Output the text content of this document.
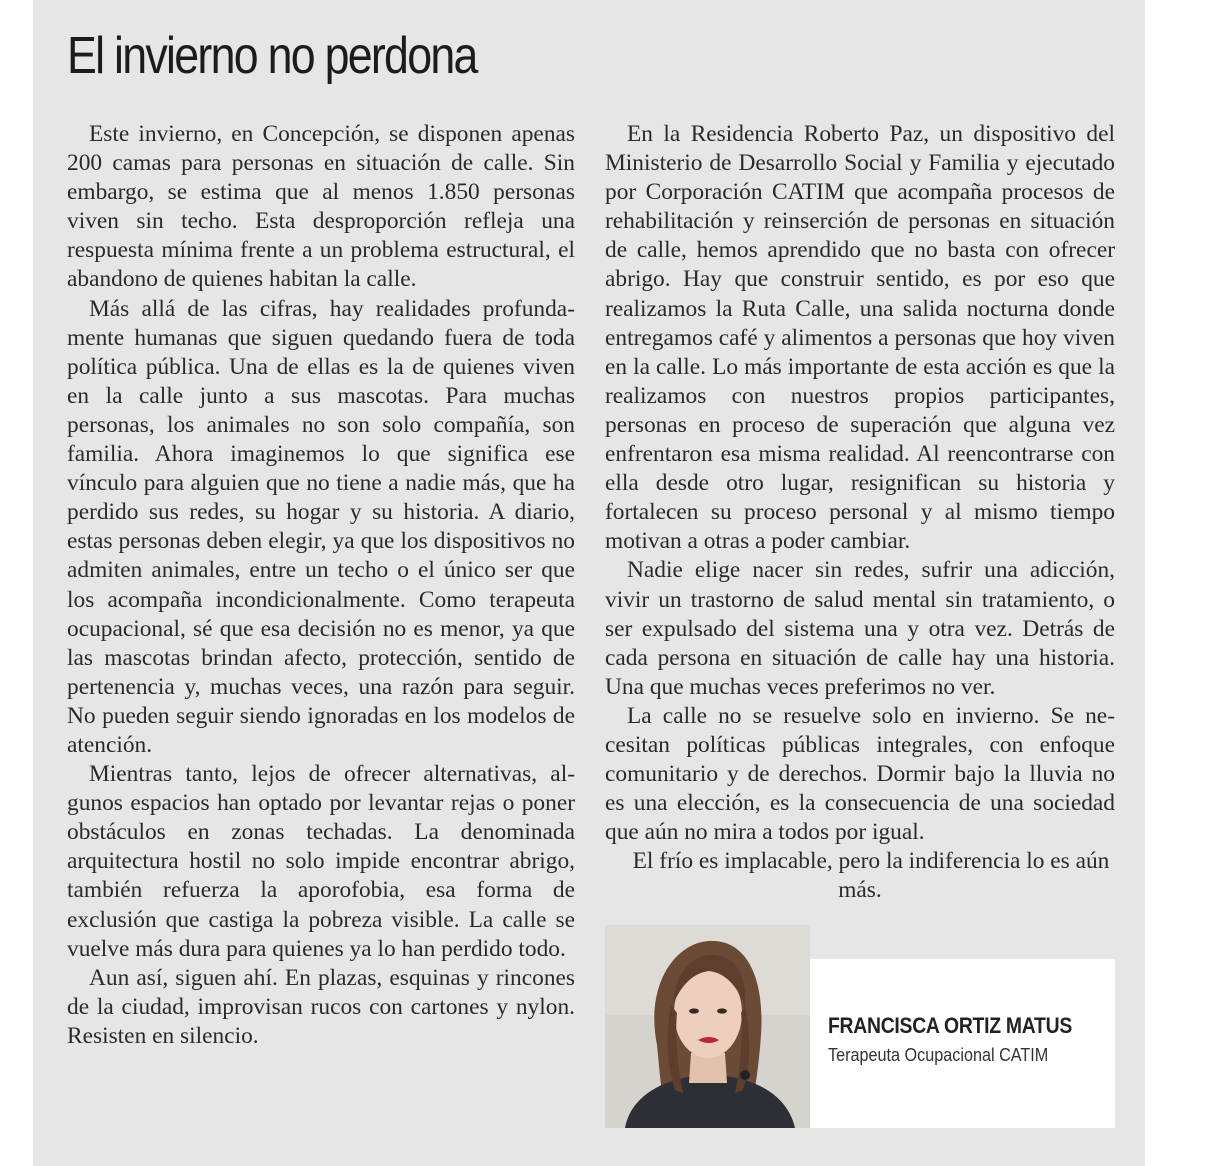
El invierno no perdona

Este invierno, en Concepción, se disponen apenas 200 camas para personas en situación de calle. Sin embargo, se estima que al menos 1.850 personas viven sin techo. Esta desproporción refleja una respuesta mínima frente a un problema estructural, el abandono de quienes habitan la calle.

Más allá de las cifras, hay realidades profundamente humanas que siguen quedando fuera de toda política pública. Una de ellas es la de quienes viven en la calle junto a sus mascotas. Para muchas personas, los animales no son solo compañía, son familia. Ahora imaginemos lo que significa ese vínculo para alguien que no tiene a nadie más, que ha perdido sus redes, su hogar y su historia. A diario, estas personas deben elegir, ya que los dispositivos no admiten animales, entre un techo o el único ser que los acompaña incondicionalmente. Como terapeuta ocupacional, sé que esa decisión no es menor, ya que las mascotas brindan afecto, protección, sentido de pertenencia y, muchas veces, una razón para seguir. No pueden seguir siendo ignoradas en los modelos de atención.

Mientras tanto, lejos de ofrecer alternativas, algunos espacios han optado por levantar rejas o poner obstáculos en zonas techadas. La denominada arquitectura hostil no solo impide encontrar abrigo, también refuerza la aporofobia, esa forma de exclusión que castiga la pobreza visible. La calle se vuelve más dura para quienes ya lo han perdido todo.

Aun así, siguen ahí. En plazas, esquinas y rincones de la ciudad, improvisan rucos con cartones y nylon. Resisten en silencio.

En la Residencia Roberto Paz, un dispositivo del Ministerio de Desarrollo Social y Familia y ejecutado por Corporación CATIM que acompaña procesos de rehabilitación y reinserción de personas en situación de calle, hemos aprendido que no basta con ofrecer abrigo. Hay que construir sentido, es por eso que realizamos la Ruta Calle, una salida nocturna donde entregamos café y alimentos a personas que hoy viven en la calle. Lo más importante de esta acción es que la realizamos con nuestros propios participantes, personas en proceso de superación que alguna vez enfrentaron esa misma realidad. Al reencontrarse con ella desde otro lugar, resignifican su historia y fortalecen su proceso personal y al mismo tiempo motivan a otras a poder cambiar.

Nadie elige nacer sin redes, sufrir una adicción, vivir un trastorno de salud mental sin tratamiento, o ser expulsado del sistema una y otra vez. Detrás de cada persona en situación de calle hay una historia. Una que muchas veces preferimos no ver.

La calle no se resuelve solo en invierno. Se necesitan políticas públicas integrales, con enfoque comunitario y de derechos. Dormir bajo la lluvia no es una elección, es la consecuencia de una sociedad que aún no mira a todos por igual.

El frío es implacable, pero la indiferencia lo es aún más.

FRANCISCA ORTIZ MATUS
Terapeuta Ocupacional CATIM
